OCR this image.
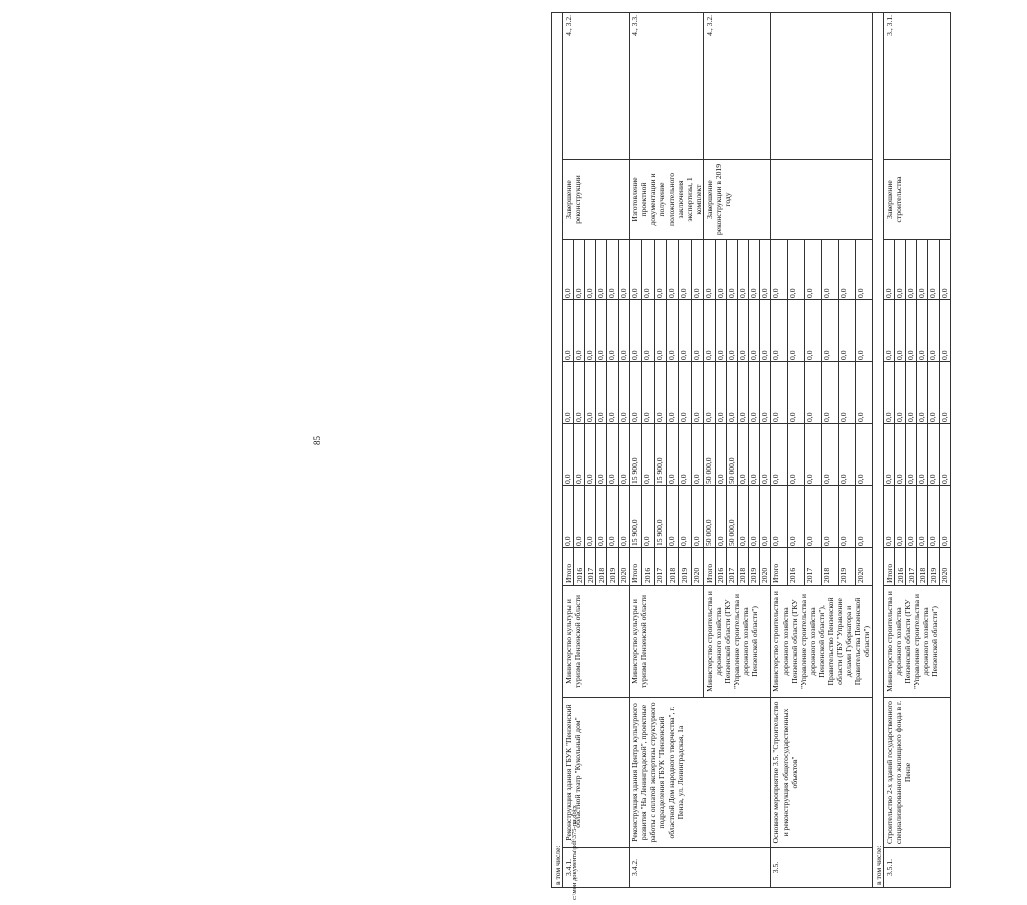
85
в том числе:										
3.4.1.	Реконструкция здания ГБУК "Пензенский областной театр "Кукольный дом"	Министерство культуры и туризма Пензенской области	Итого	0,0	0,0	0,0	0,0	0,0	Завершение реконструкции	4., 3.2.
			2016	0,0	0,0	0,0	0,0	0,0		
			2017	0,0	0,0	0,0	0,0	0,0		
			2018	0,0	0,0	0,0	0,0	0,0		
			2019	0,0	0,0	0,0	0,0	0,0		
			2020	0,0	0,0	0,0	0,0	0,0		
3.4.2.	Реконструкция здания Центра культурного развития "На Ленинградской", проектные работы с оплатой экспертизы структурного подразделения ГБУК "Пензенский областной Дом народного творчества", г. Пенза, ул. Ленинградская, 1а	Министерство культуры и туризма Пензенской области	Итого	15 900,0	15 900,0	0,0	0,0	0,0	Изготовление проектной документации и получение положительного заключения экспертизы, 1 комплект	4., 3.3.
			2016	0,0	0,0	0,0	0,0	0,0		
			2017	15 900,0	15 900,0	0,0	0,0	0,0		
			2018	0,0	0,0	0,0	0,0	0,0		
			2019	0,0	0,0	0,0	0,0	0,0		
			2020	0,0	0,0	0,0	0,0	0,0		
		Министерство строительства и дорожного хозяйства Пензенской области (ГКУ "Управление строительства и дорожного хозяйства Пензенской области")	Итого	50 000,0	50 000,0	0,0	0,0	0,0	Завершение реконструкции в 2019 году	4., 3.2.
			2016	0,0	0,0	0,0	0,0	0,0		
			2017	50 000,0	50 000,0	0,0	0,0	0,0		
			2018	0,0	0,0	0,0	0,0	0,0		
			2019	0,0	0,0	0,0	0,0	0,0		
			2020	0,0	0,0	0,0	0,0	0,0		
3.5.	Основное мероприятие 3.5. "Строительство и реконструкция общегосударственных объектов"	Министерство строительства и дорожного хозяйства Пензенской области (ГКУ "Управление строительства и дорожного хозяйства Пензенской области"), Правительство Пензенской области (ГБУ "Управление делами Губернатора и Правительства Пензенской области")	Итого	0,0	0,0	0,0	0,0	0,0		
			2016	0,0	0,0	0,0	0,0	0,0		
			2017	0,0	0,0	0,0	0,0	0,0		
			2018	0,0	0,0	0,0	0,0	0,0		
			2019	0,0	0,0	0,0	0,0	0,0		
			2020	0,0	0,0	0,0	0,0	0,0		
в том числе:										
3.5.1.	Строительство 2-х зданий государственного специализированного жилищного фонда в г. Пензе	Министерство строительства и дорожного хозяйства Пензенской области (ГКУ "Управление строительства и дорожного хозяйства Пензенской области")	Итого	0,0	0,0	0,0	0,0	0,0	Завершение строительства	3., 3.1.
			2016	0,0	0,0	0,0	0,0	0,0		
			2017	0,0	0,0	0,0	0,0	0,0		
			2018	0,0	0,0	0,0	0,0	0,0		
			2019	0,0	0,0	0,0	0,0	0,0		
			2020	0,0	0,0	0,0	0,0	0,0		
c:\мои документы\pdf\375-пп.docx
